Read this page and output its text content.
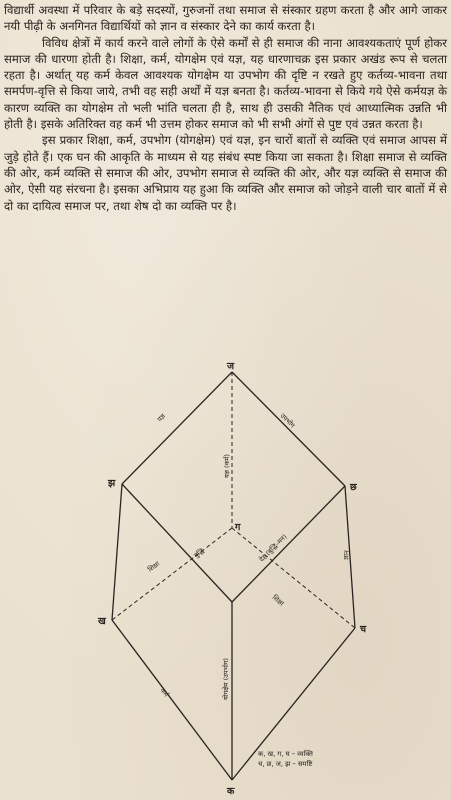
विद्यार्थी अवस्था में परिवार के बड़े सदस्यों, गुरुजनों तथा समाज से संस्कार ग्रहण करता है और आगे जाकर नयी पीढ़ी के अनगिनत विद्यार्थियों को ज्ञान व संस्कार देने का कार्य करता है।

विविध क्षेत्रों में कार्य करने वाले लोगों के ऐसे कर्मों से ही समाज की नाना आवश्यकताएं पूर्ण होकर समाज की धारणा होती है। शिक्षा, कर्म, योगक्षेम एवं यज्ञ, यह धारणाचक्र इस प्रकार अखंड रूप से चलता रहता है। अर्थात् यह कर्म केवल आवश्यक योगक्षेम या उपभोग की दृष्टि न रखते हुए कर्तव्य-भावना तथा समर्पण-वृत्ति से किया जाये, तभी वह सही अर्थों में यज्ञ बनता है। कर्तव्य-भावना से किये गये ऐसे कर्मयज्ञ के कारण व्यक्ति का योगक्षेम तो भली भांति चलता ही है, साथ ही उसकी नैतिक एवं आध्यात्मिक उन्नति भी होती है। इसके अतिरिक्त वह कर्म भी उत्तम होकर समाज को भी सभी अंगों से पुष्ट एवं उन्नत करता है।

इस प्रकार शिक्षा, कर्म, उपभोग (योगक्षेम) एवं यज्ञ, इन चारों बातों से व्यक्ति एवं समाज आपस में जुड़े होते हैं। एक घन की आकृति के माध्यम से यह संबंध स्पष्ट किया जा सकता है। शिक्षा समाज से व्यक्ति की ओर, कर्म व्यक्ति से समाज की ओर, उपभोग समाज से व्यक्ति की ओर, और यज्ञ व्यक्ति से समाज की ओर, ऐसी यह संरचना है। इसका अभिप्राय यह हुआ कि व्यक्ति और समाज को जोड़ने वाली चार बातों में से दो का दायित्व समाज पर, तथा शेष दो का व्यक्ति पर है।

ज
झ	छ
ग
ख
च
क
यज्ञ	उपभोग
यज्ञ (कर्म)
देह (बुद्धि–मन)
शिक्षा
बुद्धि
शिक्षा
ज्ञान
कर्म	योगक्षेम (उपभोग)
क, ख, ग, घ – व्यक्ति
च, छ, ज, झ – समष्टि
